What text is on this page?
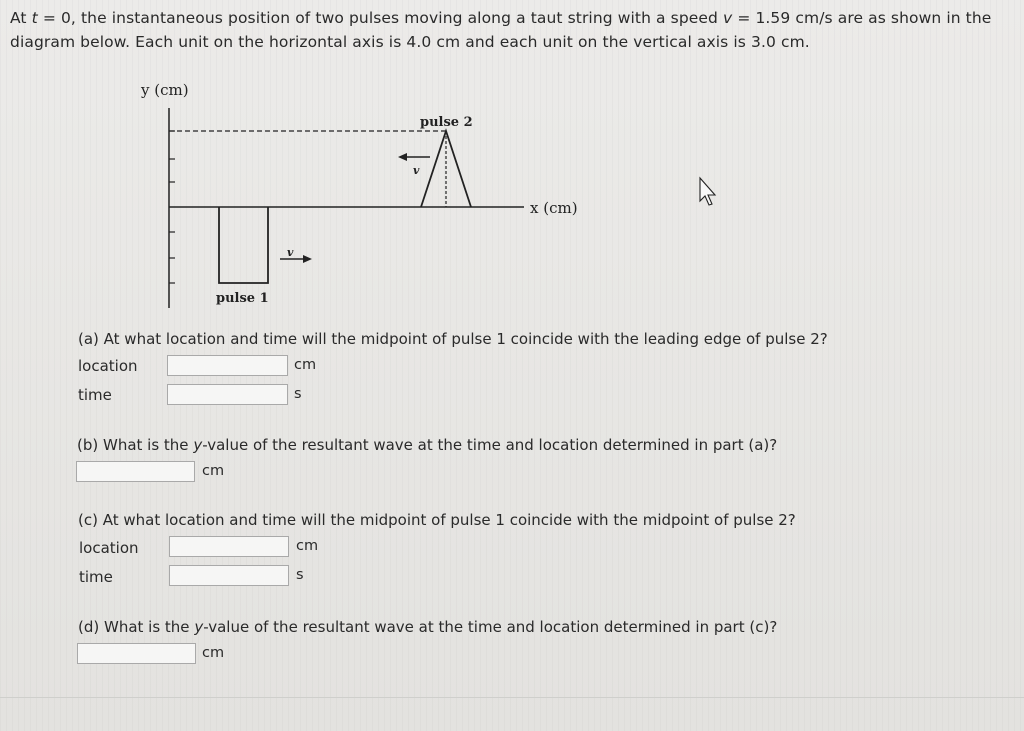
At t = 0, the instantaneous position of two pulses moving along a taut string with a speed v = 1.59 cm/s are as shown in the diagram below. Each unit on the horizontal axis is 4.0 cm and each unit on the vertical axis is 3.0 cm.

y (cm)
x (cm)
pulse 1
v
pulse 2
v

(a) At what location and time will the midpoint of pulse 1 coincide with the leading edge of pulse 2?

location	cm
time	s

(b) What is the y-value of the resultant wave at the time and location determined in part (a)?

cm

(c) At what location and time will the midpoint of pulse 1 coincide with the midpoint of pulse 2?

location	cm
time	s

(d) What is the y-value of the resultant wave at the time and location determined in part (c)?

cm
